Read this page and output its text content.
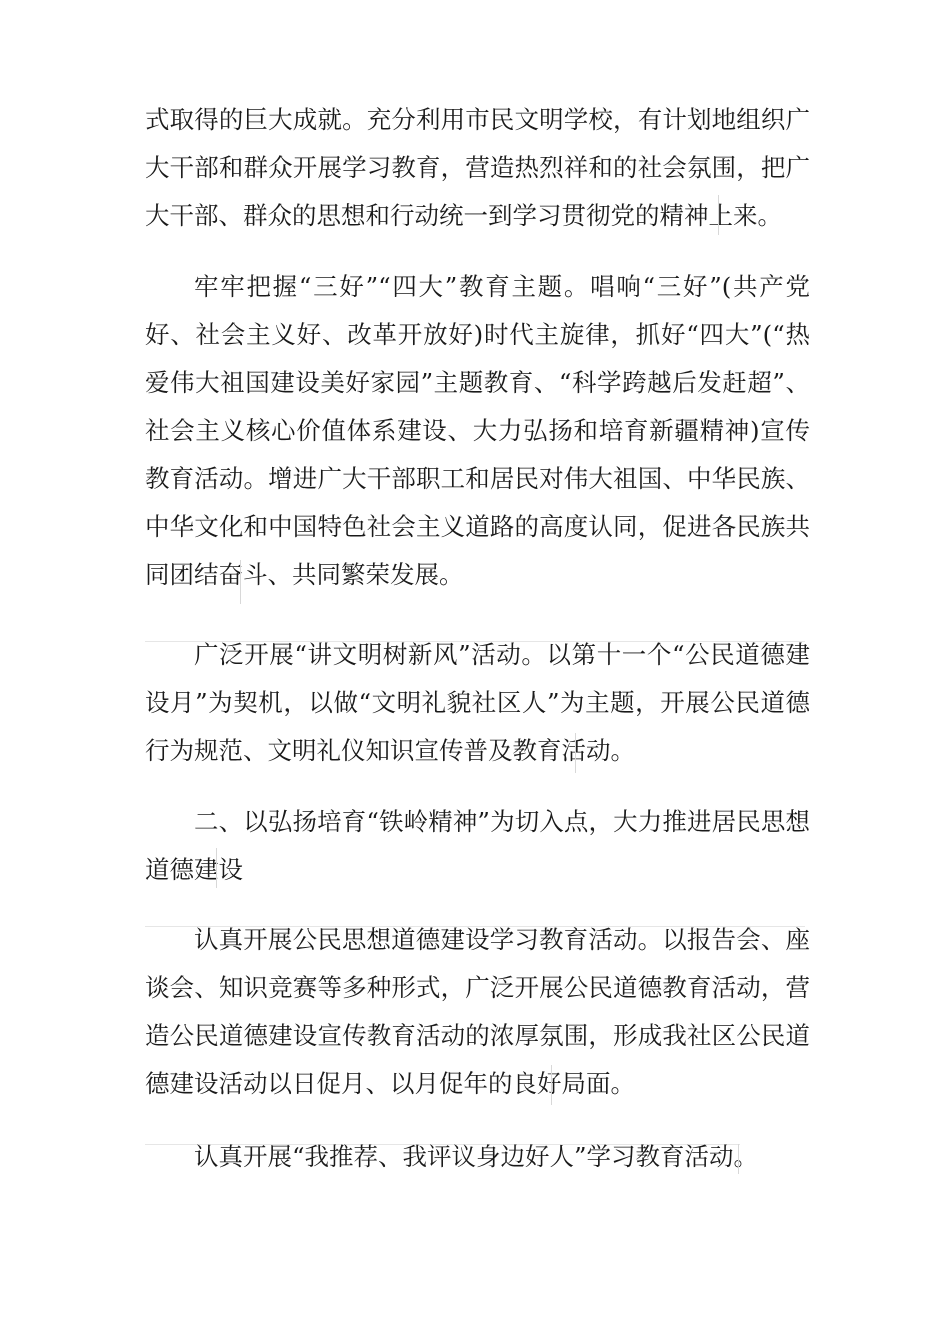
式取得的巨大成就。充分利用市民文明学校，有计划地组织广大干部和群众开展学习教育，营造热烈祥和的社会氛围，把广大干部、群众的思想和行动统一到学习贯彻党的精神上来。

牢牢把握“三好”“四大”教育主题。唱响“三好”(共产党好、社会主义好、改革开放好)时代主旋律，抓好“四大”(“热爱伟大祖国建设美好家园”主题教育、“科学跨越后发赶超”、社会主义核心价值体系建设、大力弘扬和培育新疆精神)宣传教育活动。增进广大干部职工和居民对伟大祖国、中华民族、中华文化和中国特色社会主义道路的高度认同，促进各民族共同团结奋斗、共同繁荣发展。

广泛开展“讲文明树新风”活动。以第十一个“公民道德建设月”为契机，以做“文明礼貌社区人”为主题，开展公民道德行为规范、文明礼仪知识宣传普及教育活动。

二、以弘扬培育“铁岭精神”为切入点，大力推进居民思想道德建设

认真开展公民思想道德建设学习教育活动。以报告会、座谈会、知识竞赛等多种形式，广泛开展公民道德教育活动，营造公民道德建设宣传教育活动的浓厚氛围，形成我社区公民道德建设活动以日促月、以月促年的良好局面。

认真开展“我推荐、我评议身边好人”学习教育活动。
